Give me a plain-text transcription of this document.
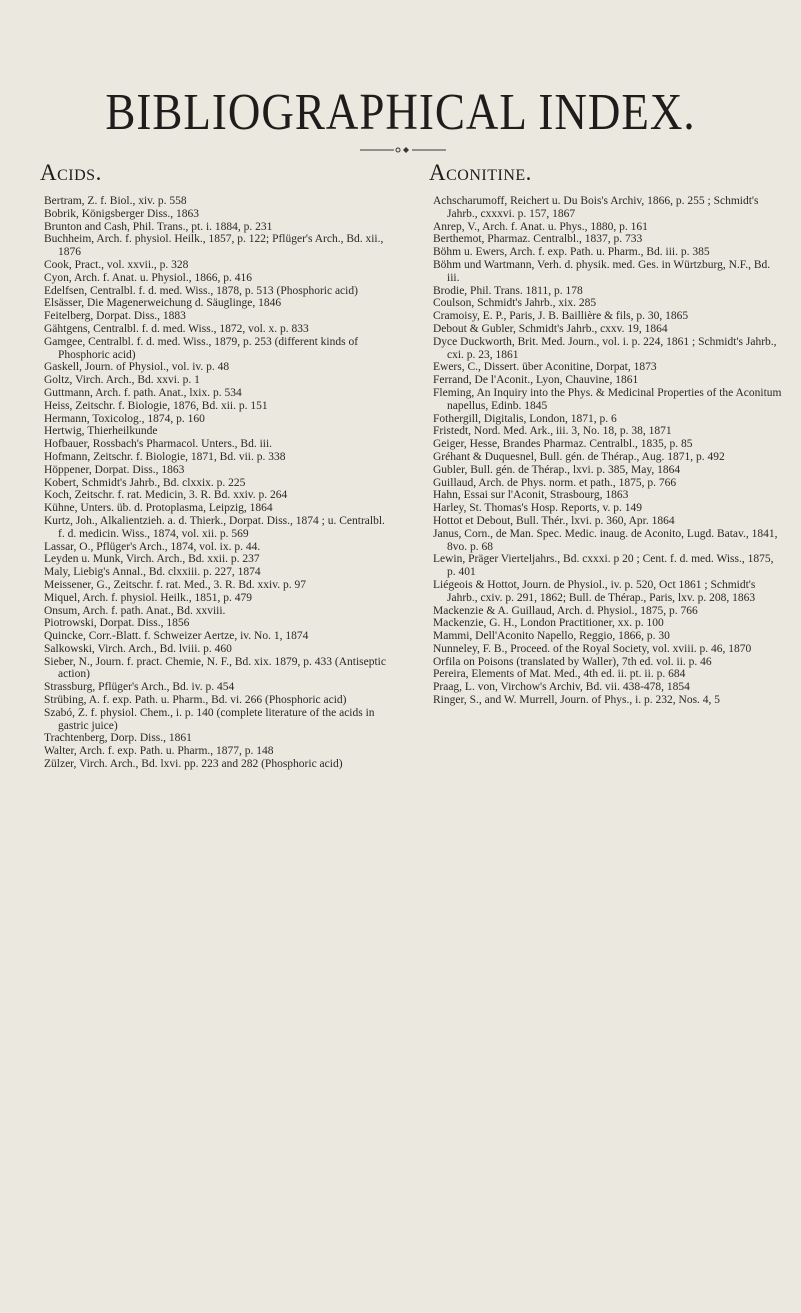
BIBLIOGRAPHICAL INDEX.
Acids.

Bertram, Z. f. Biol., xiv. p. 558

Bobrik, Königsberger Diss., 1863

Brunton and Cash, Phil. Trans., pt. i. 1884, p. 231

Buchheim, Arch. f. physiol. Heilk., 1857, p. 122; Pflüger's Arch., Bd. xii., 1876

Cook, Pract., vol. xxvii., p. 328

Cyon, Arch. f. Anat. u. Physiol., 1866, p. 416

Edelfsen, Centralbl. f. d. med. Wiss., 1878, p. 513 (Phosphoric acid)

Elsässer, Die Magenerweichung d. Säuglinge, 1846

Feitelberg, Dorpat. Diss., 1883

Gähtgens, Centralbl. f. d. med. Wiss., 1872, vol. x. p. 833

Gamgee, Centralbl. f. d. med. Wiss., 1879, p. 253 (different kinds of Phosphoric acid)

Gaskell, Journ. of Physiol., vol. iv. p. 48

Goltz, Virch. Arch., Bd. xxvi. p. 1

Guttmann, Arch. f. path. Anat., lxix. p. 534

Heiss, Zeitschr. f. Biologie, 1876, Bd. xii. p. 151

Hermann, Toxicolog., 1874, p. 160

Hertwig, Thierheilkunde

Hofbauer, Rossbach's Pharmacol. Unters., Bd. iii.

Hofmann, Zeitschr. f. Biologie, 1871, Bd. vii. p. 338

Höppener, Dorpat. Diss., 1863

Kobert, Schmidt's Jahrb., Bd. clxxix. p. 225

Koch, Zeitschr. f. rat. Medicin, 3. R. Bd. xxiv. p. 264

Kühne, Unters. üb. d. Protoplasma, Leipzig, 1864

Kurtz, Joh., Alkalientzieh. a. d. Thierk., Dorpat. Diss., 1874 ; u. Centralbl. f. d. medicin. Wiss., 1874, vol. xii. p. 569

Lassar, O., Pflüger's Arch., 1874, vol. ix. p. 44.

Leyden u. Munk, Virch. Arch., Bd. xxii. p. 237

Maly, Liebig's Annal., Bd. clxxiii. p. 227, 1874

Meissener, G., Zeitschr. f. rat. Med., 3. R. Bd. xxiv. p. 97

Miquel, Arch. f. physiol. Heilk., 1851, p. 479

Onsum, Arch. f. path. Anat., Bd. xxviii.

Piotrowski, Dorpat. Diss., 1856

Quincke, Corr.-Blatt. f. Schweizer Aertze, iv. No. 1, 1874

Salkowski, Virch. Arch., Bd. lviii. p. 460

Sieber, N., Journ. f. pract. Chemie, N. F., Bd. xix. 1879, p. 433 (Antiseptic action)

Strassburg, Pflüger's Arch., Bd. iv. p. 454

Strübing, A. f. exp. Path. u. Pharm., Bd. vi. 266 (Phosphoric acid)

Szabó, Z. f. physiol. Chem., i. p. 140 (complete literature of the acids in gastric juice)

Trachtenberg, Dorp. Diss., 1861

Walter, Arch. f. exp. Path. u. Pharm., 1877, p. 148

Zülzer, Virch. Arch., Bd. lxvi. pp. 223 and 282 (Phosphoric acid)

Aconitine.

Achscharumoff, Reichert u. Du Bois's Archiv, 1866, p. 255 ; Schmidt's Jahrb., cxxxvi. p. 157, 1867

Anrep, V., Arch. f. Anat. u. Phys., 1880, p. 161

Berthemot, Pharmaz. Centralbl., 1837, p. 733

Böhm u. Ewers, Arch. f. exp. Path. u. Pharm., Bd. iii. p. 385

Böhm und Wartmann, Verh. d. physik. med. Ges. in Würtzburg, N.F., Bd. iii.

Brodie, Phil. Trans. 1811, p. 178

Coulson, Schmidt's Jahrb., xix. 285

Cramoisy, E. P., Paris, J. B. Baillière & fils, p. 30, 1865

Debout & Gubler, Schmidt's Jahrb., cxxv. 19, 1864

Dyce Duckworth, Brit. Med. Journ., vol. i. p. 224, 1861 ; Schmidt's Jahrb., cxi. p. 23, 1861

Ewers, C., Dissert. über Aconitine, Dorpat, 1873

Ferrand, De l'Aconit., Lyon, Chauvine, 1861

Fleming, An Inquiry into the Phys. & Medicinal Properties of the Aconitum napellus, Edinb. 1845

Fothergill, Digitalis, London, 1871, p. 6

Fristedt, Nord. Med. Ark., iii. 3, No. 18, p. 38, 1871

Geiger, Hesse, Brandes Pharmaz. Centralbl., 1835, p. 85

Gréhant & Duquesnel, Bull. gén. de Thérap., Aug. 1871, p. 492

Gubler, Bull. gén. de Thérap., lxvi. p. 385, May, 1864

Guillaud, Arch. de Phys. norm. et path., 1875, p. 766

Hahn, Essai sur l'Aconit, Strasbourg, 1863

Harley, St. Thomas's Hosp. Reports, v. p. 149

Hottot et Debout, Bull. Thér., lxvi. p. 360, Apr. 1864

Janus, Corn., de Man. Spec. Medic. inaug. de Aconito, Lugd. Batav., 1841, 8vo. p. 68

Lewin, Präger Vierteljahrs., Bd. cxxxi. p 20 ; Cent. f. d. med. Wiss., 1875, p. 401

Liégeois & Hottot, Journ. de Physiol., iv. p. 520, Oct 1861 ; Schmidt's Jahrb., cxiv. p. 291, 1862; Bull. de Thérap., Paris, lxv. p. 208, 1863

Mackenzie & A. Guillaud, Arch. d. Physiol., 1875, p. 766

Mackenzie, G. H., London Practitioner, xx. p. 100

Mammi, Dell'Aconito Napello, Reggio, 1866, p. 30

Nunneley, F. B., Proceed. of the Royal Society, vol. xviii. p. 46, 1870

Orfila on Poisons (translated by Waller), 7th ed. vol. ii. p. 46

Pereira, Elements of Mat. Med., 4th ed. ii. pt. ii. p. 684

Praag, L. von, Virchow's Archiv, Bd. vii. 438-478, 1854

Ringer, S., and W. Murrell, Journ. of Phys., i. p. 232, Nos. 4, 5
